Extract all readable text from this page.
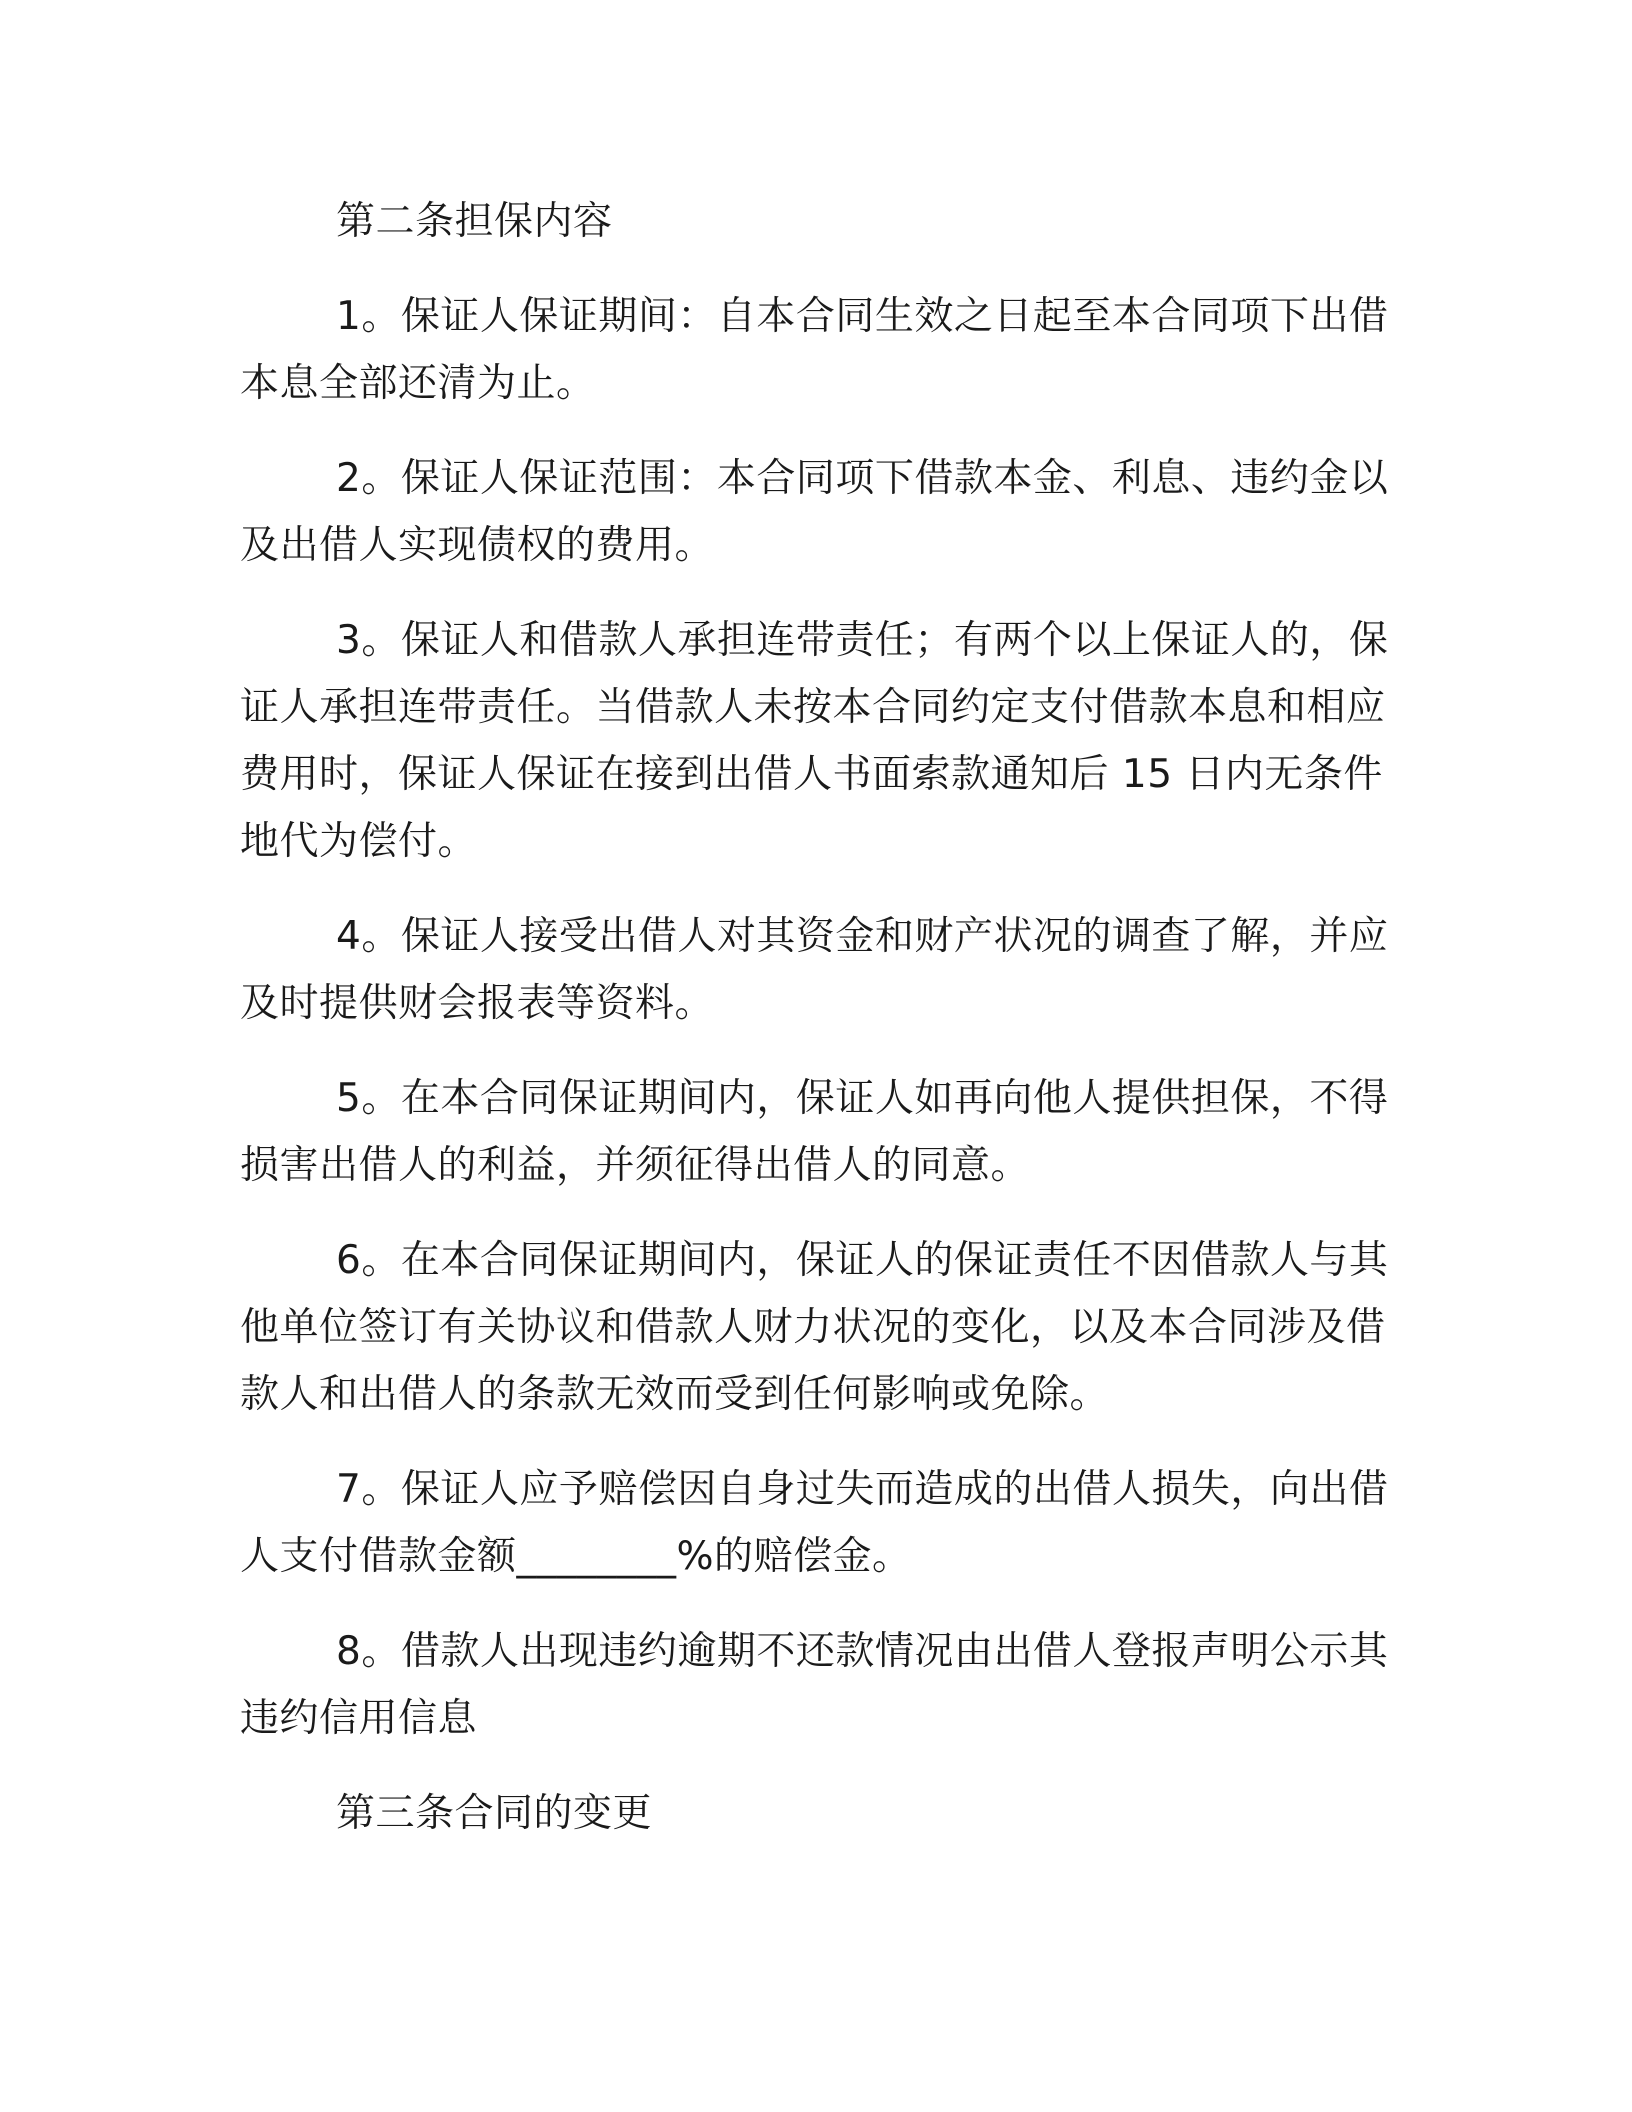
第二条担保内容

1。保证人保证期间：自本合同生效之日起至本合同项下出借本息全部还清为止。

2。保证人保证范围：本合同项下借款本金、利息、违约金以及出借人实现债权的费用。

3。保证人和借款人承担连带责任；有两个以上保证人的，保证人承担连带责任。当借款人未按本合同约定支付借款本息和相应费用时，保证人保证在接到出借人书面索款通知后 15 日内无条件地代为偿付。

4。保证人接受出借人对其资金和财产状况的调查了解，并应及时提供财会报表等资料。

5。在本合同保证期间内，保证人如再向他人提供担保，不得损害出借人的利益，并须征得出借人的同意。

6。在本合同保证期间内，保证人的保证责任不因借款人与其他单位签订有关协议和借款人财力状况的变化，以及本合同涉及借款人和出借人的条款无效而受到任何影响或免除。

7。保证人应予赔偿因自身过失而造成的出借人损失，向出借人支付借款金额________%的赔偿金。

8。借款人出现违约逾期不还款情况由出借人登报声明公示其违约信用信息

第三条合同的变更
